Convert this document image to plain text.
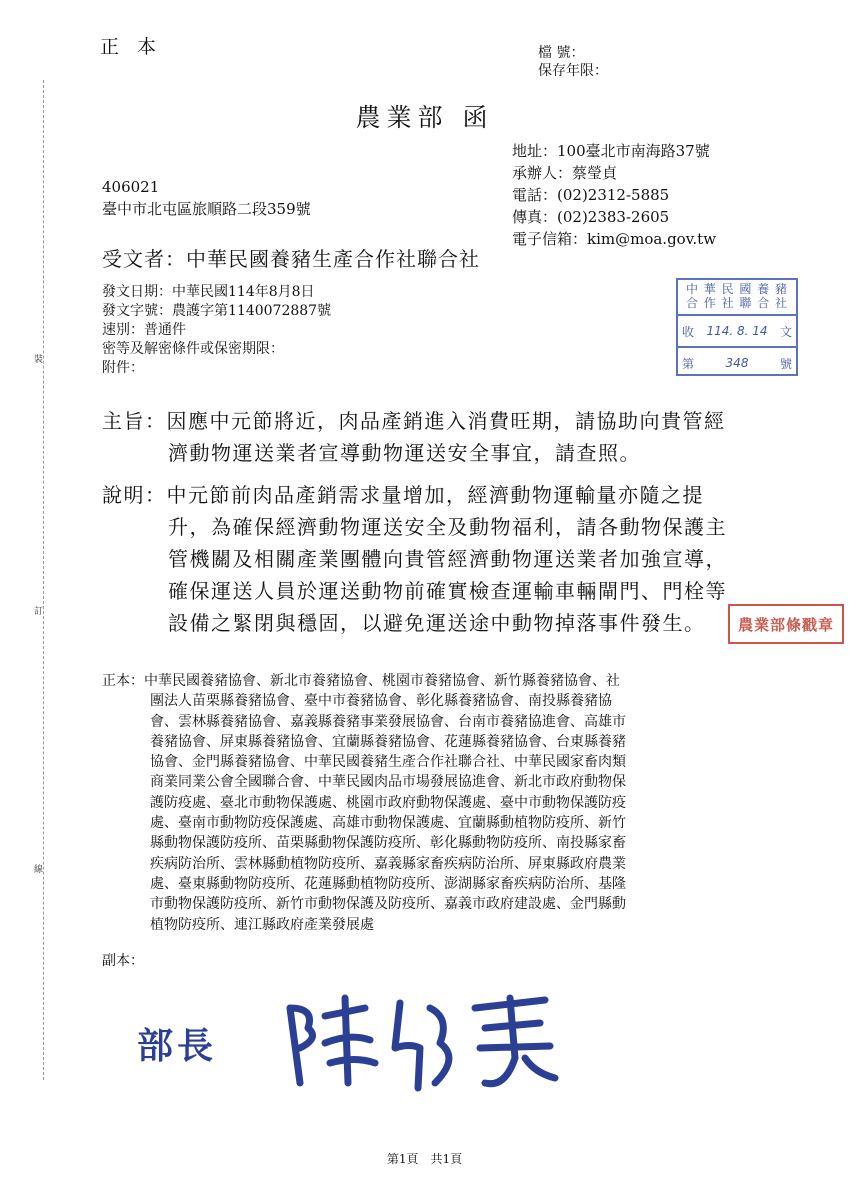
正 本	檔 號：
保存年限：
農業部 函
地址：100臺北市南海路37號
承辦人：蔡瑩貞
電話：(02)2312-5885
傳真：(02)2383-2605
電子信箱：kim@moa.gov.tw
406021
臺中市北屯區旅順路二段359號
受文者：中華民國養豬生產合作社聯合社
發文日期：中華民國114年8月8日
發文字號：農護字第1140072887號
速別：普通件
密等及解密條件或保密期限：
附件：
中 華 民 國 養 豬
合 作 社 聯 合 社
收 114. 8. 14 文
第	348	號
裝
訂
線
主旨：因應中元節將近，肉品產銷進入消費旺期，請協助向貴管經
濟動物運送業者宣導動物運送安全事宜，請查照。
說明：中元節前肉品產銷需求量增加，經濟動物運輸量亦隨之提
升，為確保經濟動物運送安全及動物福利，請各動物保護主
管機關及相關產業團體向貴管經濟動物運送業者加強宣導，
確保運送人員於運送動物前確實檢查運輸車輛閘門、門栓等
設備之緊閉與穩固，以避免運送途中動物掉落事件發生。	農業部條戳章
正本：中華民國養豬協會、新北市養豬協會、桃園市養豬協會、新竹縣養豬協會、社
團法人苗栗縣養豬協會、臺中市養豬協會、彰化縣養豬協會、南投縣養豬協
會、雲林縣養豬協會、嘉義縣養豬事業發展協會、台南市養豬協進會、高雄市
養豬協會、屏東縣養豬協會、宜蘭縣養豬協會、花蓮縣養豬協會、台東縣養豬
協會、金門縣養豬協會、中華民國養豬生產合作社聯合社、中華民國家畜肉類
商業同業公會全國聯合會、中華民國肉品市場發展協進會、新北市政府動物保
護防疫處、臺北市動物保護處、桃園市政府動物保護處、臺中市動物保護防疫
處、臺南市動物防疫保護處、高雄市動物保護處、宜蘭縣動植物防疫所、新竹
縣動物保護防疫所、苗栗縣動物保護防疫所、彰化縣動物防疫所、南投縣家畜
疾病防治所、雲林縣動植物防疫所、嘉義縣家畜疾病防治所、屏東縣政府農業
處、臺東縣動物防疫所、花蓮縣動植物防疫所、澎湖縣家畜疾病防治所、基隆
市動物保護防疫所、新竹市動物保護及防疫所、嘉義市政府建設處、金門縣動
植物防疫所、連江縣政府產業發展處
副本：
部長
第1頁　共1頁
